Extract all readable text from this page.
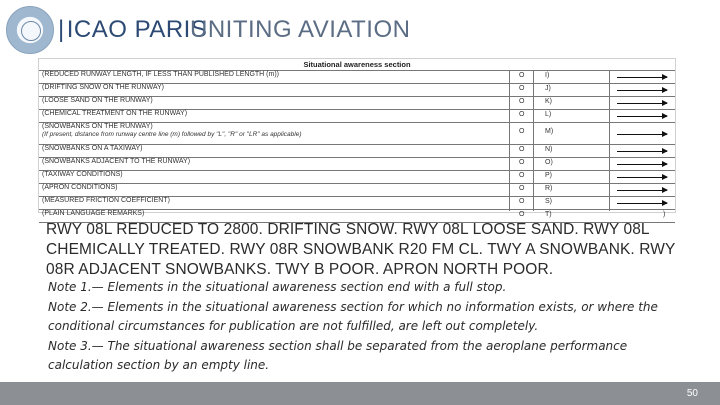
|ICAO PARIS
UNITING AVIATION
Situational awareness section
(REDUCED RUNWAY LENGTH, IF LESS THAN PUBLISHED LENGTH (m))	O	I)
(DRIFTING SNOW ON THE RUNWAY)	O	J)
(LOOSE SAND ON THE RUNWAY)	O	K)
(CHEMICAL TREATMENT ON THE RUNWAY)	O	L)
(SNOWBANKS ON THE RUNWAY)
(If present, distance from runway centre line (m) followed by "L", "R" or "LR" as applicable)	O	M)
(SNOWBANKS ON A TAXIWAY)	O	N)
(SNOWBANKS ADJACENT TO THE RUNWAY)	O	O)
(TAXIWAY CONDITIONS)	O	P)
(APRON CONDITIONS)	O	R)
(MEASURED FRICTION COEFFICIENT)	O	S)
(PLAIN LANGUAGE REMARKS)	O	T)	)
RWY 08L REDUCED TO 2800. DRIFTING SNOW. RWY 08L LOOSE SAND. RWY 08L CHEMICALLY TREATED. RWY 08R SNOWBANK R20 FM CL. TWY A SNOWBANK. RWY 08R ADJACENT SNOWBANKS. TWY B POOR. APRON NORTH POOR.

Note 1.— Elements in the situational awareness section end with a full stop.

Note 2.— Elements in the situational awareness section for which no information exists, or where the conditional circumstances for publication are not fulfilled, are left out completely.

Note 3.— The situational awareness section shall be separated from the aeroplane performance calculation section by an empty line.

50
